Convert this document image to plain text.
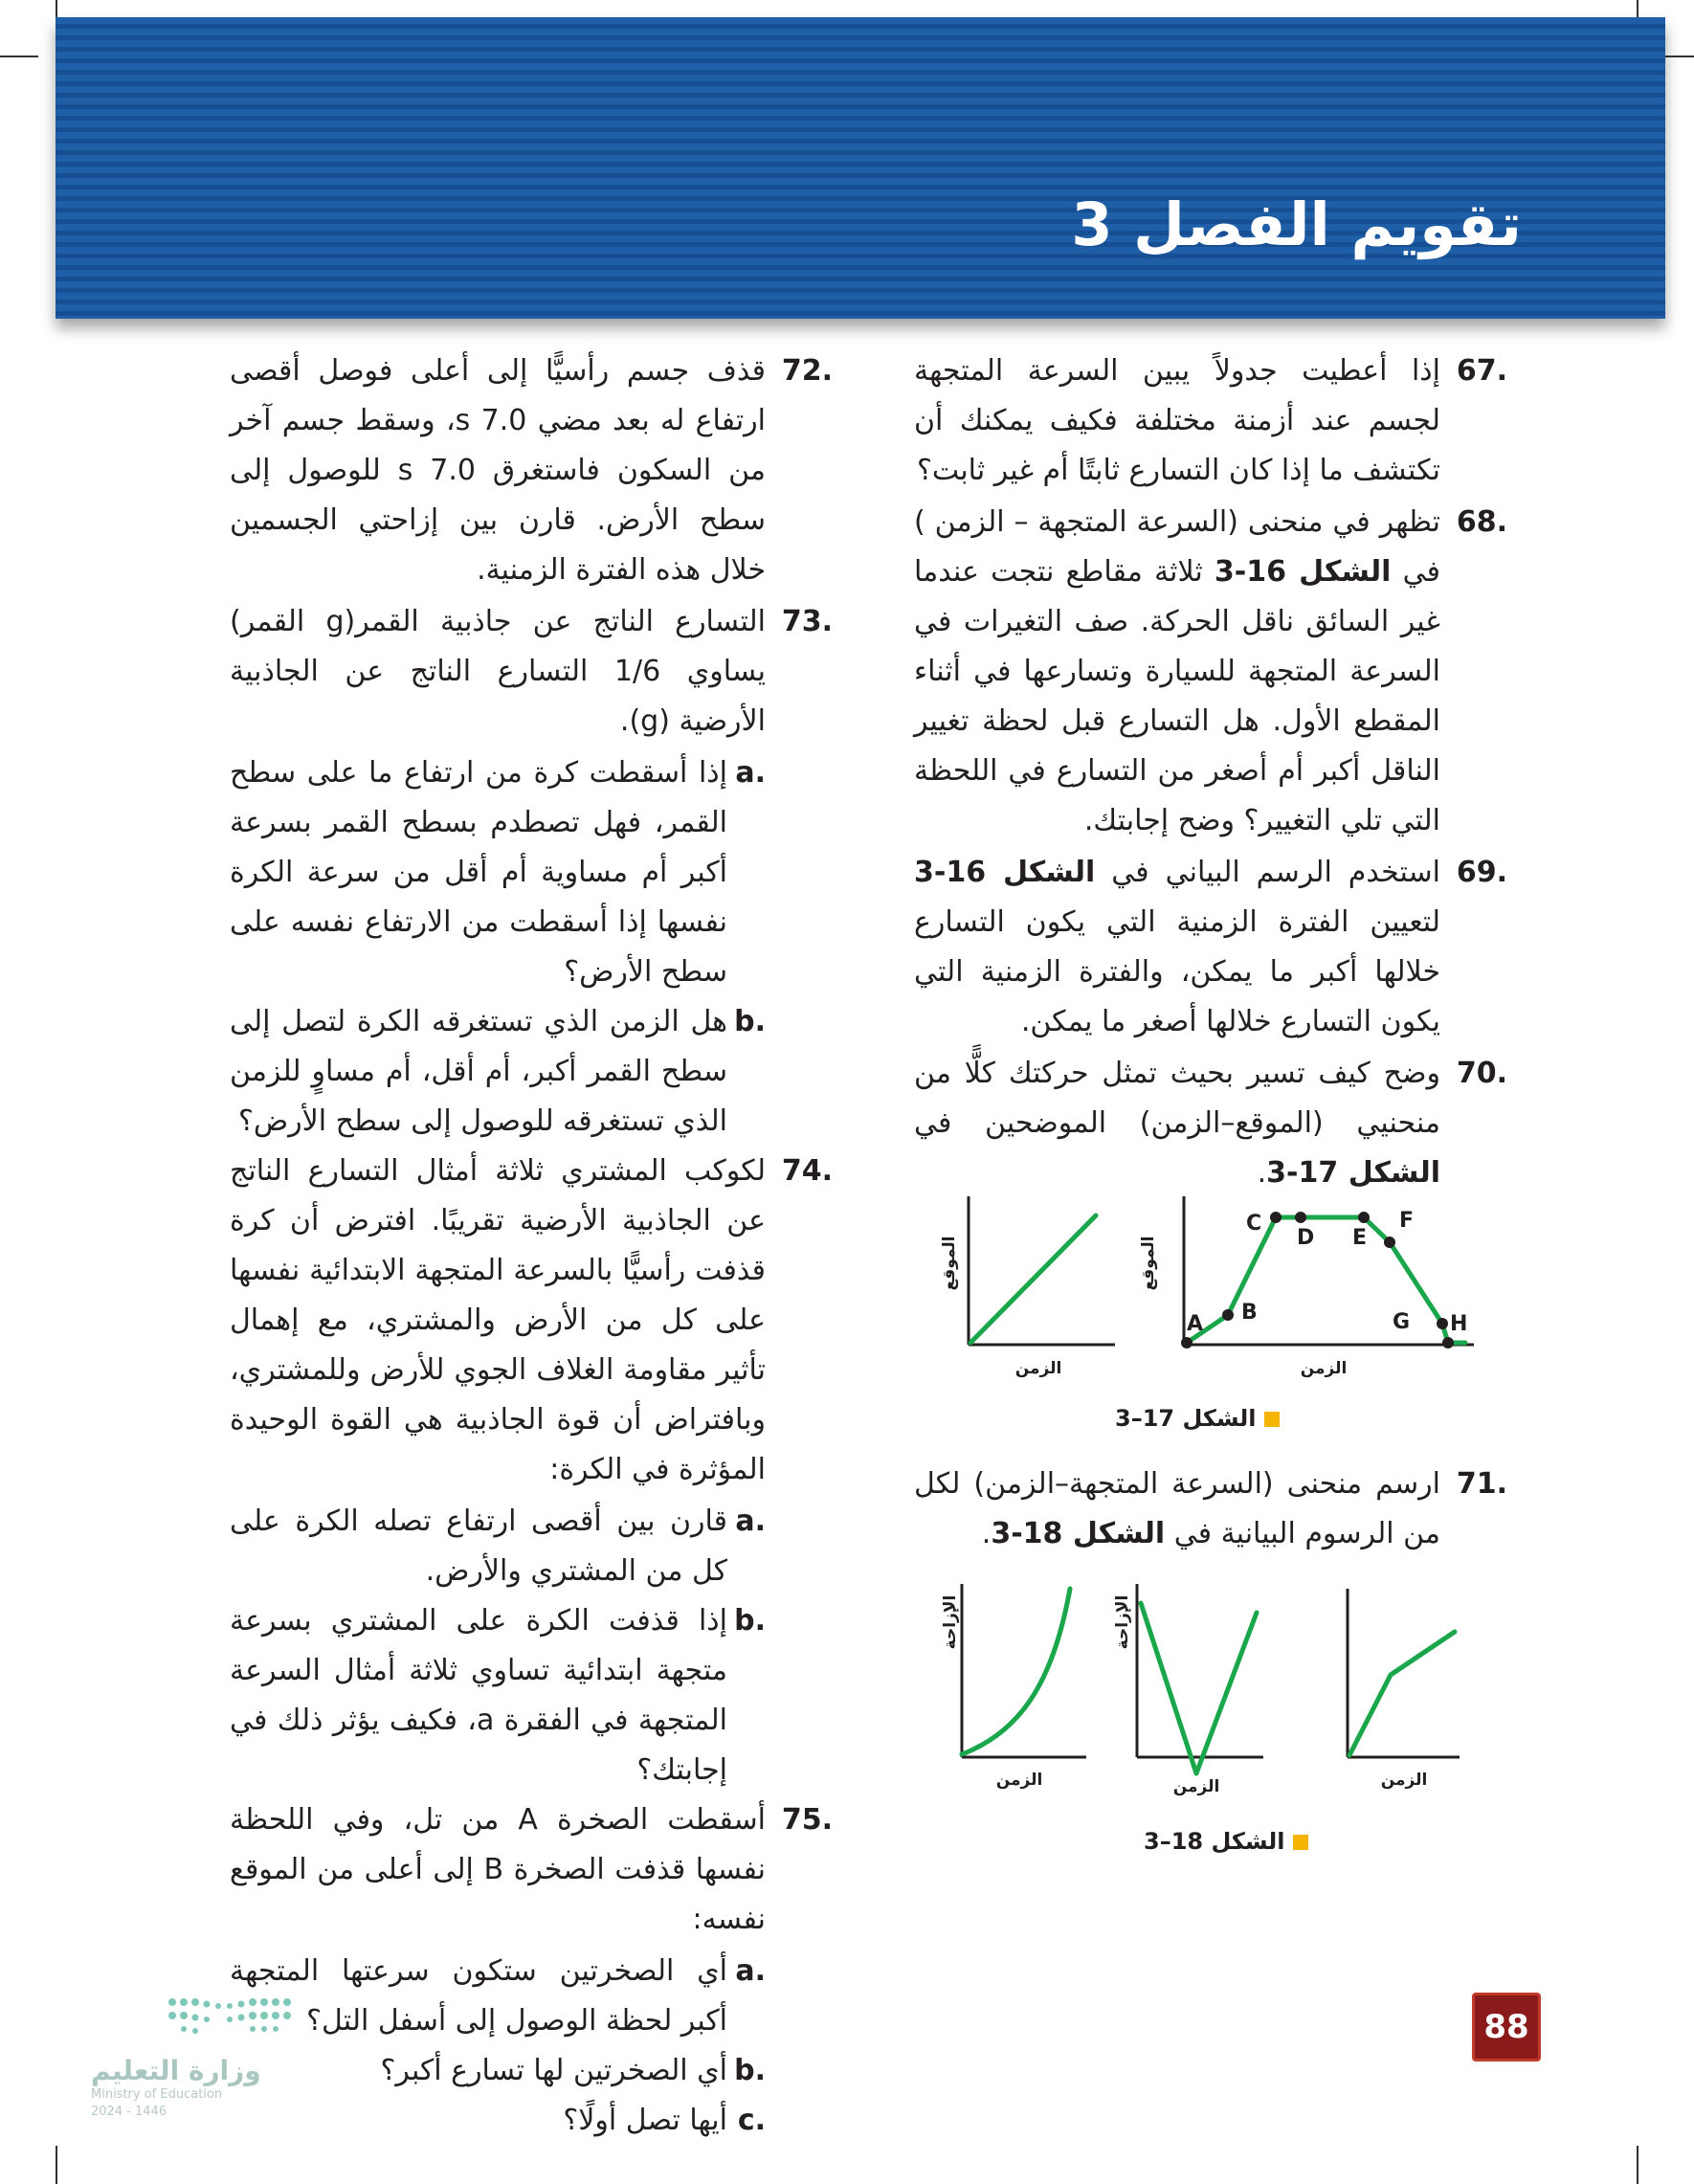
تقويم الفصل 3
67.
إذا أعطيت جدولاً يبين السرعة المتجهة لجسم عند أزمنة مختلفة فكيف يمكنك أن تكتشف ما إذا كان التسارع ثابتًا أم غير ثابت؟
68.
تظهر في منحنى (السرعة المتجهة – الزمن ) في الشكل 16-3 ثلاثة مقاطع نتجت عندما غير السائق ناقل الحركة. صف التغيرات في السرعة المتجهة للسيارة وتسارعها في أثناء المقطع الأول. هل التسارع قبل لحظة تغيير الناقل أكبر أم أصغر من التسارع في اللحظة التي تلي التغيير؟ وضح إجابتك.
69.
استخدم الرسم البياني في الشكل 16-3 لتعيين الفترة الزمنية التي يكون التسارع خلالها أكبر ما يمكن، والفترة الزمنية التي يكون التسارع خلالها أصغر ما يمكن.
70.
وضح كيف تسير بحيث تمثل حركتك كلًّا من منحنيي (الموقع–الزمن) الموضحين في الشكل 17-3.
A B
C
D E
F
G H
الزمن
الموقع
الزمن
الموقع
الشكل 17–3
71.
ارسم منحنى (السرعة المتجهة–الزمن) لكل من الرسوم البيانية في الشكل 18-3.
الزمن
الإزاحة
الزمن
الإزاحة
الزمن
الشكل 18–3
72.
قذف جسم رأسيًّا إلى أعلى فوصل أقصى ارتفاع له بعد مضي 7.0 s، وسقط جسم آخر من السكون فاستغرق 7.0 s للوصول إلى سطح الأرض. قارن بين إزاحتي الجسمين خلال هذه الفترة الزمنية.
73.
التسارع الناتج عن جاذبية القمر(g القمر) يساوي 1/6 التسارع الناتج عن الجاذبية الأرضية (g).
a.
إذا أسقطت كرة من ارتفاع ما على سطح القمر، فهل تصطدم بسطح القمر بسرعة أكبر أم مساوية أم أقل من سرعة الكرة نفسها إذا أسقطت من الارتفاع نفسه على سطح الأرض؟
b.
هل الزمن الذي تستغرقه الكرة لتصل إلى سطح القمر أكبر، أم أقل، أم مساوٍ للزمن الذي تستغرقه للوصول إلى سطح الأرض؟
74.
لكوكب المشتري ثلاثة أمثال التسارع الناتج عن الجاذبية الأرضية تقريبًا. افترض أن كرة قذفت رأسيًّا بالسرعة المتجهة الابتدائية نفسها على كل من الأرض والمشتري، مع إهمال تأثير مقاومة الغلاف الجوي للأرض وللمشتري، وبافتراض أن قوة الجاذبية هي القوة الوحيدة المؤثرة في الكرة:
a.
قارن بين أقصى ارتفاع تصله الكرة على كل من المشتري والأرض.
b.
إذا قذفت الكرة على المشتري بسرعة متجهة ابتدائية تساوي ثلاثة أمثال السرعة المتجهة في الفقرة a، فكيف يؤثر ذلك في إجابتك؟
75.
أسقطت الصخرة A من تل، وفي اللحظة نفسها قذفت الصخرة B إلى أعلى من الموقع نفسه:
a.
أي الصخرتين ستكون سرعتها المتجهة أكبر لحظة الوصول إلى أسفل التل؟
b.
أي الصخرتين لها تسارع أكبر؟
c.
أيها تصل أولًا؟
88
وزارة التعليم
Ministry of Education
2024 - 1446
